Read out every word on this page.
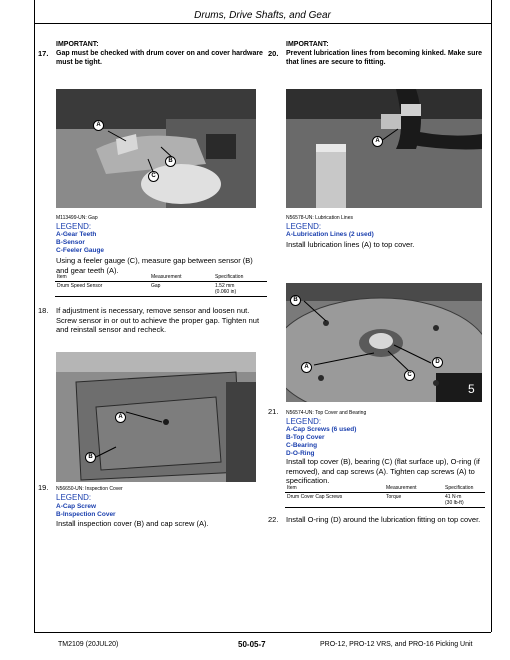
Drums, Drive Shafts, and Gear
IMPORTANT:
17. Gap must be checked with drum cover on and cover hardware must be tight.
IMPORTANT:
20. Prevent lubrication lines from becoming kinked. Make sure that lines are secure to fitting.
A
B
C
M113499-UN: Gap
LEGEND:
A-Gear Teeth
B-Sensor
C-Feeler Gauge
Using a feeler gauge (C), measure gap between sensor (B) and gear teeth (A).
Item	Measurement	Specification
Drum Speed Sensor	Gap	1.52 mm
(0.060 in)
18. If adjustment is necessary, remove sensor and loosen nut. Screw sensor in or out to achieve the proper gap. Tighten nut and reinstall sensor and recheck.
A
N56578-UN: Lubrication Lines
LEGEND:
A-Lubrication Lines (2 used)
Install lubrication lines (A) to top cover.
A
B
19. N56650-UN: Inspection Cover
LEGEND:
A-Cap Screw
B-Inspection Cover
Install inspection cover (B) and cap screw (A).
5
B
A
D
C
21. N56574-UN: Top Cover and Bearing
LEGEND:
A-Cap Screws (6 used)
B-Top Cover
C-Bearing
D-O-Ring
Install top cover (B), bearing (C) (flat surface up), O-ring (if removed), and cap screws (A). Tighten cap screws (A) to specification.
Item	Measurement	Specification
Drum Cover Cap Screws	Torque	41 N·m
(30 lb-ft)
22. Install O-ring (D) around the lubrication fitting on top cover.
TM2109 (20JUL20)	50-05-7	PRO-12, PRO-12 VRS, and PRO-16 Picking Unit
